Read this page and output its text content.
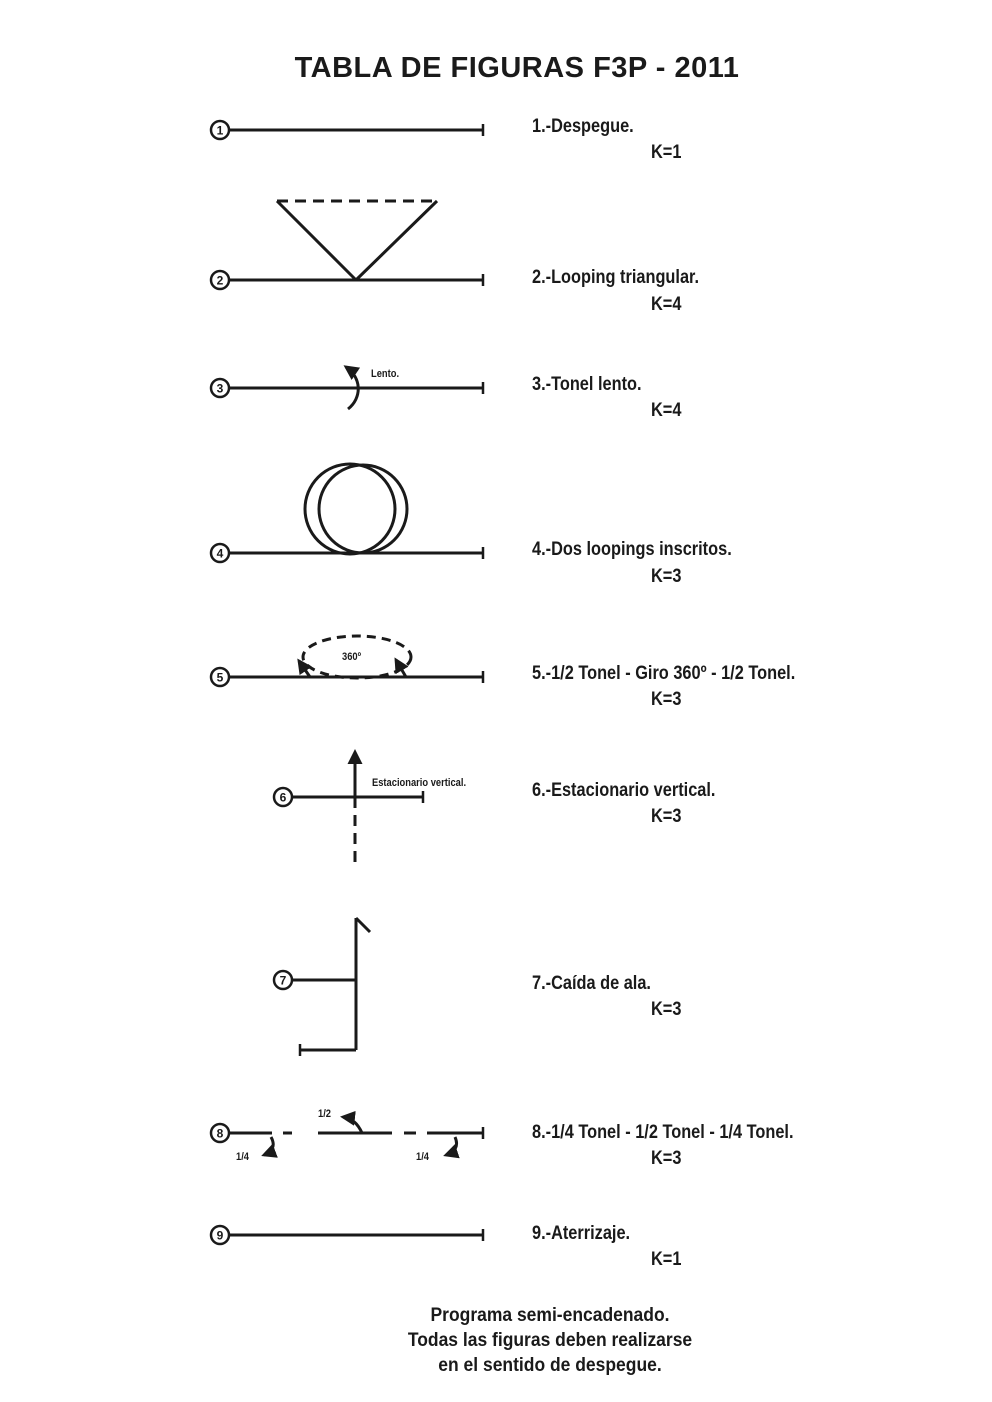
TABLA DE FIGURAS F3P - 2011
1
2
3
4
5
6
7
8
9
Lento.
360º
Estacionario vertical.
1/2
1/4	1/4
1.-Despegue.
K=1
2.-Looping triangular.
K=4
3.-Tonel lento.
K=4
4.-Dos loopings inscritos.
K=3
5.-1/2 Tonel - Giro 360º - 1/2 Tonel.
K=3
6.-Estacionario vertical.
K=3
7.-Caída de ala.
K=3
8.-1/4 Tonel - 1/2 Tonel - 1/4 Tonel.
K=3
9.-Aterrizaje.
K=1
Programa semi-encadenado.
Todas las figuras deben realizarse
en el sentido de despegue.
